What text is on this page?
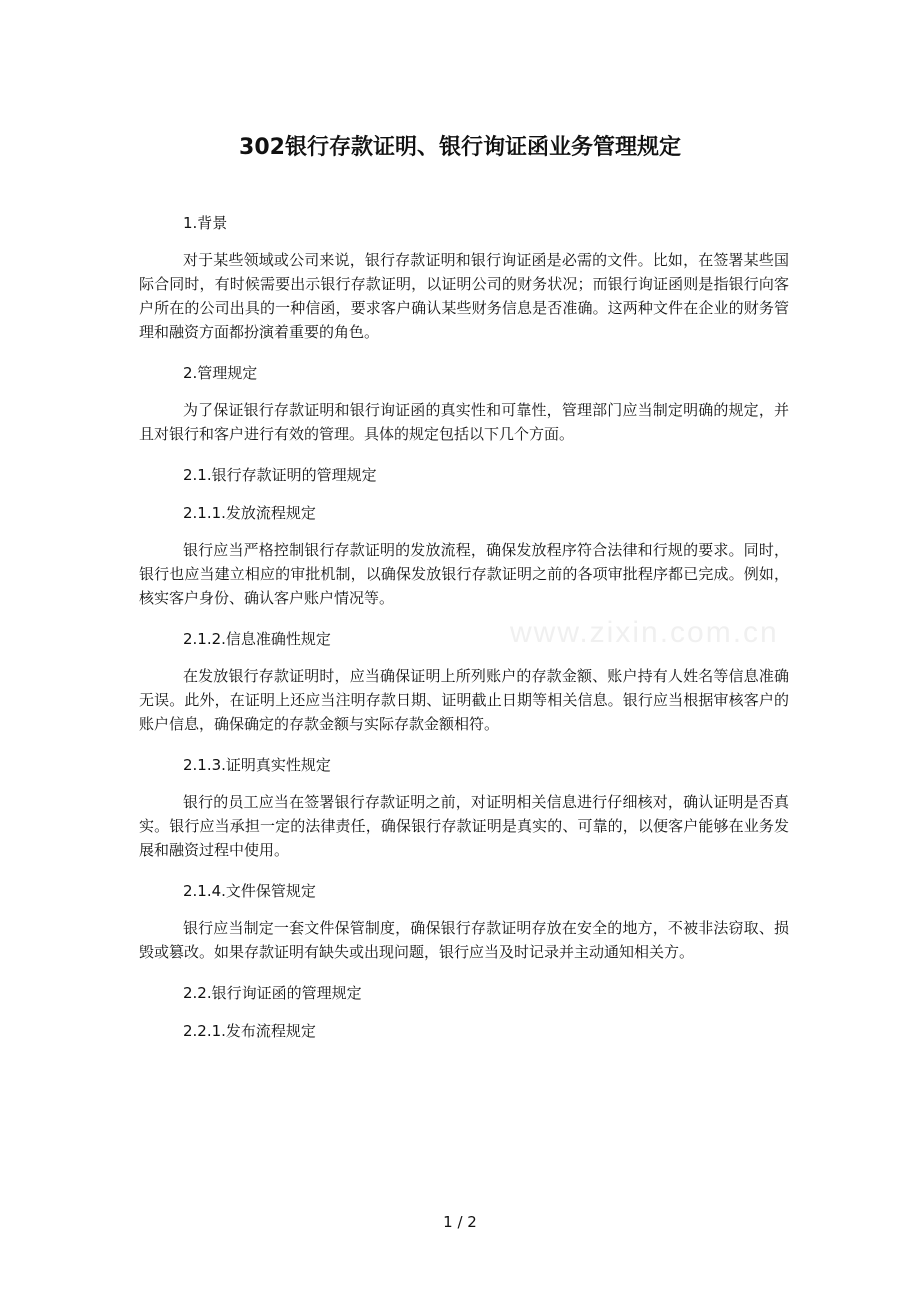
302银行存款证明、银行询证函业务管理规定

1.背景

对于某些领域或公司来说，银行存款证明和银行询证函是必需的文件。比如，在签署某些国际合同时，有时候需要出示银行存款证明，以证明公司的财务状况；而银行询证函则是指银行向客户所在的公司出具的一种信函，要求客户确认某些财务信息是否准确。这两种文件在企业的财务管理和融资方面都扮演着重要的角色。

2.管理规定

为了保证银行存款证明和银行询证函的真实性和可靠性，管理部门应当制定明确的规定，并且对银行和客户进行有效的管理。具体的规定包括以下几个方面。

2.1.银行存款证明的管理规定

2.1.1.发放流程规定

银行应当严格控制银行存款证明的发放流程，确保发放程序符合法律和行规的要求。同时，银行也应当建立相应的审批机制，以确保发放银行存款证明之前的各项审批程序都已完成。例如，核实客户身份、确认客户账户情况等。

2.1.2.信息准确性规定

在发放银行存款证明时，应当确保证明上所列账户的存款金额、账户持有人姓名等信息准确无误。此外，在证明上还应当注明存款日期、证明截止日期等相关信息。银行应当根据审核客户的账户信息，确保确定的存款金额与实际存款金额相符。

2.1.3.证明真实性规定

银行的员工应当在签署银行存款证明之前，对证明相关信息进行仔细核对，确认证明是否真实。银行应当承担一定的法律责任，确保银行存款证明是真实的、可靠的，以便客户能够在业务发展和融资过程中使用。

2.1.4.文件保管规定

银行应当制定一套文件保管制度，确保银行存款证明存放在安全的地方，不被非法窃取、损毁或篡改。如果存款证明有缺失或出现问题，银行应当及时记录并主动通知相关方。

2.2.银行询证函的管理规定

2.2.1.发布流程规定

www.zixin.com.cn
1 / 2
